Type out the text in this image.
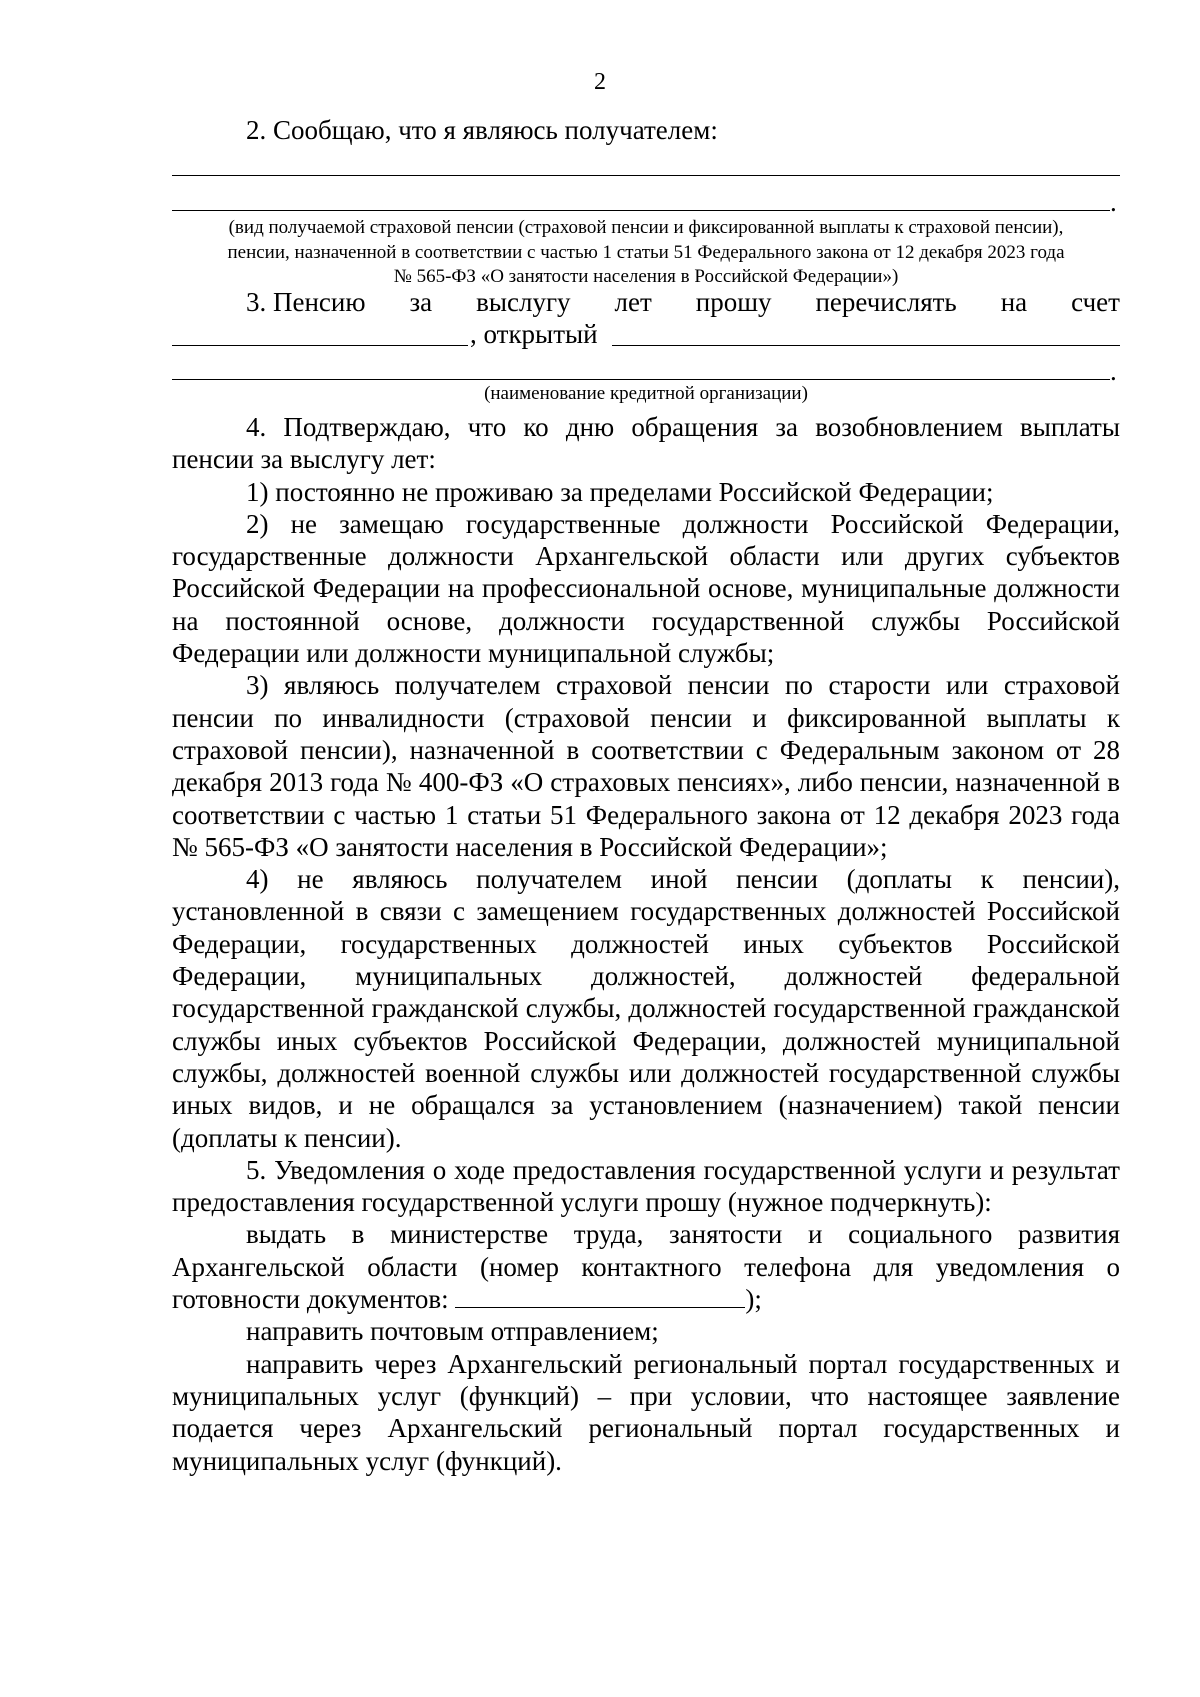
2

2. Сообщаю, что я являюсь получателем:

.
(вид получаемой страховой пенсии (страховой пенсии и фиксированной выплаты к страховой пенсии),
пенсии, назначенной в соответствии с частью 1 статьи 51 Федерального закона от 12 декабря 2023 года
№ 565-ФЗ «О занятости населения в Российской Федерации»)
3. Пенсию за выслугу лет прошу перечислять на счет
, открытый
.
(наименование кредитной организации)

4. Подтверждаю, что ко дню обращения за возобновлением выплаты пенсии за выслугу лет:

1) постоянно не проживаю за пределами Российской Федерации;

2) не замещаю государственные должности Российской Федерации, государственные должности Архангельской области или других субъектов Российской Федерации на профессиональной основе, муниципальные должности на постоянной основе, должности государственной службы Российской Федерации или должности муниципальной службы;

3) являюсь получателем страховой пенсии по старости или страховой пенсии по инвалидности (страховой пенсии и фиксированной выплаты к страховой пенсии), назначенной в соответствии с Федеральным законом от 28 декабря 2013 года № 400-ФЗ «О страховых пенсиях», либо пенсии, назначенной в соответствии с частью 1 статьи 51 Федерального закона от 12 декабря 2023 года № 565-ФЗ «О занятости населения в Российской Федерации»;

4) не являюсь получателем иной пенсии (доплаты к пенсии), установленной в связи с замещением государственных должностей Российской Федерации, государственных должностей иных субъектов Российской Федерации, муниципальных должностей, должностей федеральной государственной гражданской службы, должностей государственной гражданской службы иных субъектов Российской Федерации, должностей муниципальной службы, должностей военной службы или должностей государственной службы иных видов, и не обращался за установлением (назначением) такой пенсии (доплаты к пенсии).

5. Уведомления о ходе предоставления государственной услуги и результат предоставления государственной услуги прошу (нужное подчеркнуть):

выдать в министерстве труда, занятости и социального развития Архангельской области (номер контактного телефона для уведомления о готовности документов:	);

направить почтовым отправлением;

направить через Архангельский региональный портал государственных и муниципальных услуг (функций) – при условии, что настоящее заявление подается через Архангельский региональный портал государственных и муниципальных услуг (функций).
